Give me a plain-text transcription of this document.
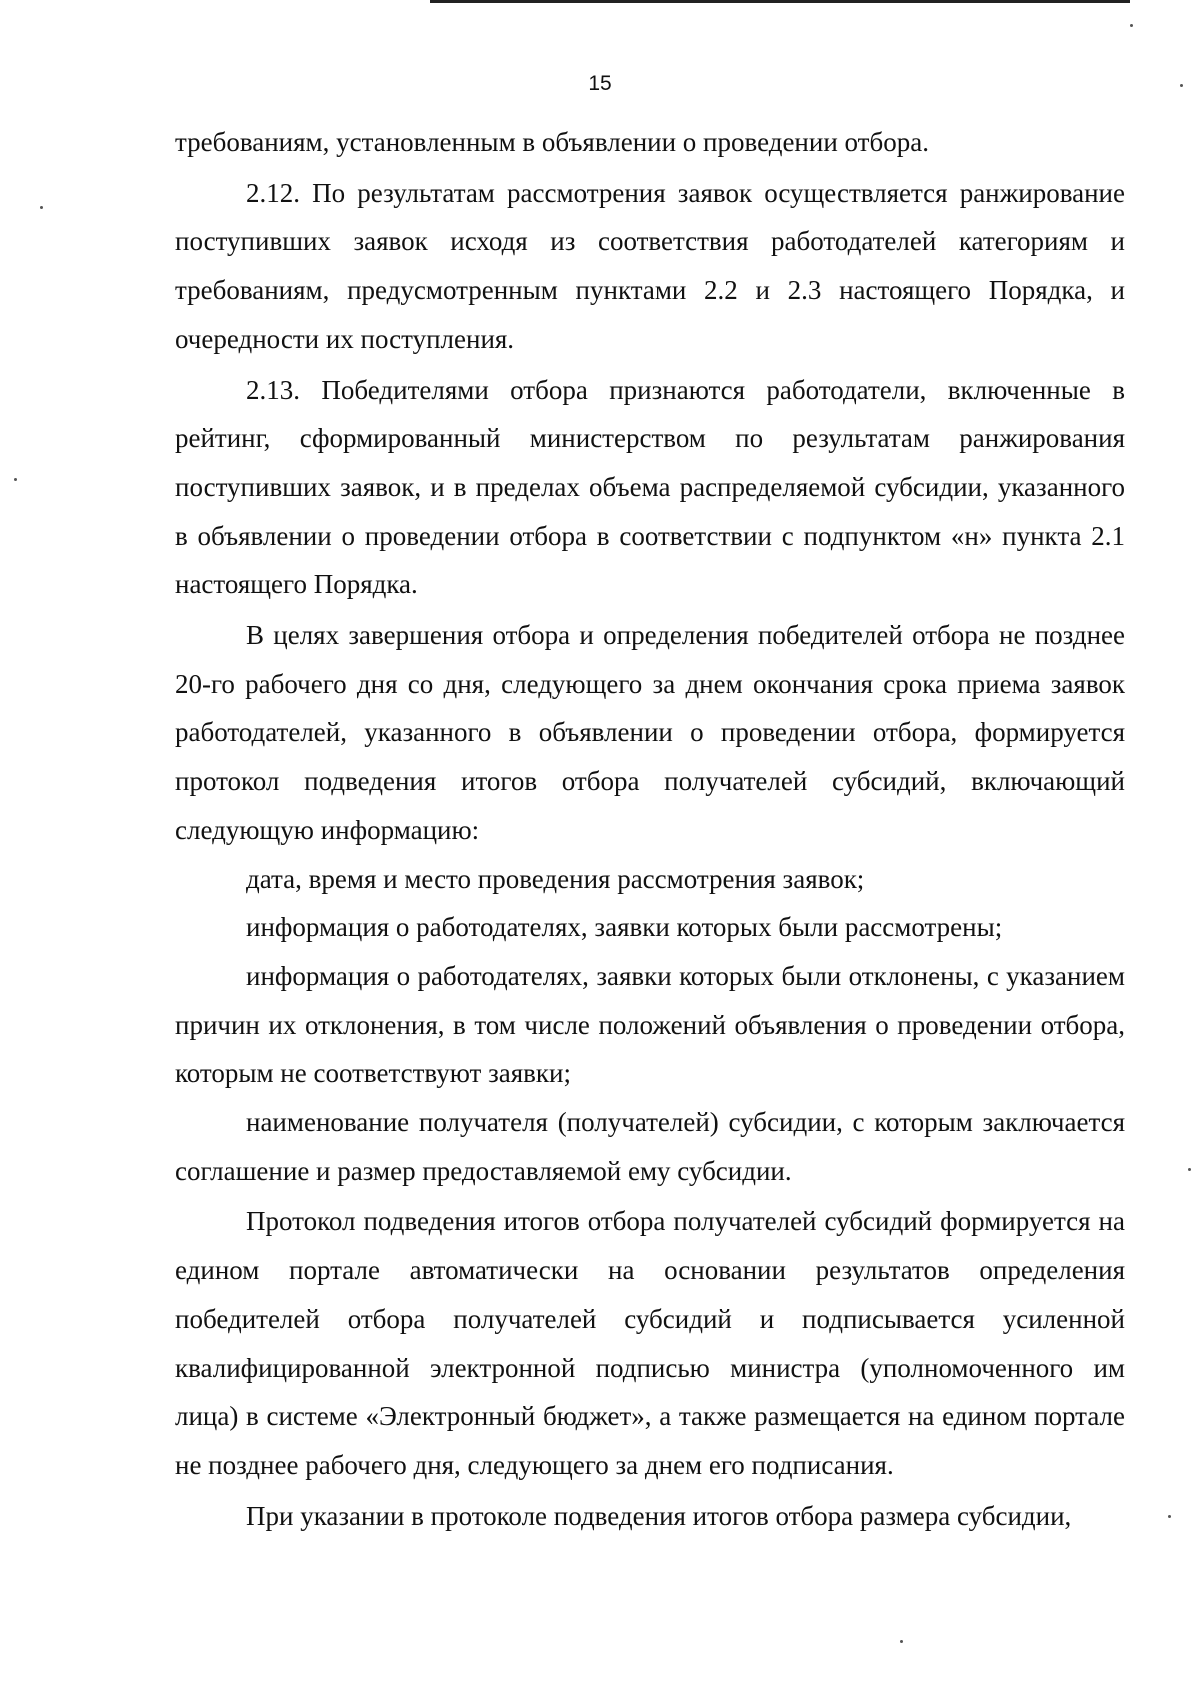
15

требованиям, установленным в объявлении о проведении отбора.

2.12. По результатам рассмотрения заявок осуществляется ранжирование поступивших заявок исходя из соответствия работодателей категориям и требованиям, предусмотренным пунктами 2.2 и 2.3 настоящего Порядка, и очередности их поступления.

2.13. Победителями отбора признаются работодатели, включенные в рейтинг, сформированный министерством по результатам ранжирования поступивших заявок, и в пределах объема распределяемой субсидии, указанного в объявлении о проведении отбора в соответствии с подпунктом «н» пункта 2.1 настоящего Порядка.

В целях завершения отбора и определения победителей отбора не позднее 20-го рабочего дня со дня, следующего за днем окончания срока приема заявок работодателей, указанного в объявлении о проведении отбора, формируется протокол подведения итогов отбора получателей субсидий, включающий следующую информацию:

дата, время и место проведения рассмотрения заявок;

информация о работодателях, заявки которых были рассмотрены;

информация о работодателях, заявки которых были отклонены, с указанием причин их отклонения, в том числе положений объявления о проведении отбора, которым не соответствуют заявки;

наименование получателя (получателей) субсидии, с которым заключается соглашение и размер предоставляемой ему субсидии.

Протокол подведения итогов отбора получателей субсидий формируется на едином портале автоматически на основании результатов определения победителей отбора получателей субсидий и подписывается усиленной квалифицированной электронной подписью министра (уполномоченного им лица) в системе «Электронный бюджет», а также размещается на едином портале не позднее рабочего дня, следующего за днем его подписания.

При указании в протоколе подведения итогов отбора размера субсидии,
